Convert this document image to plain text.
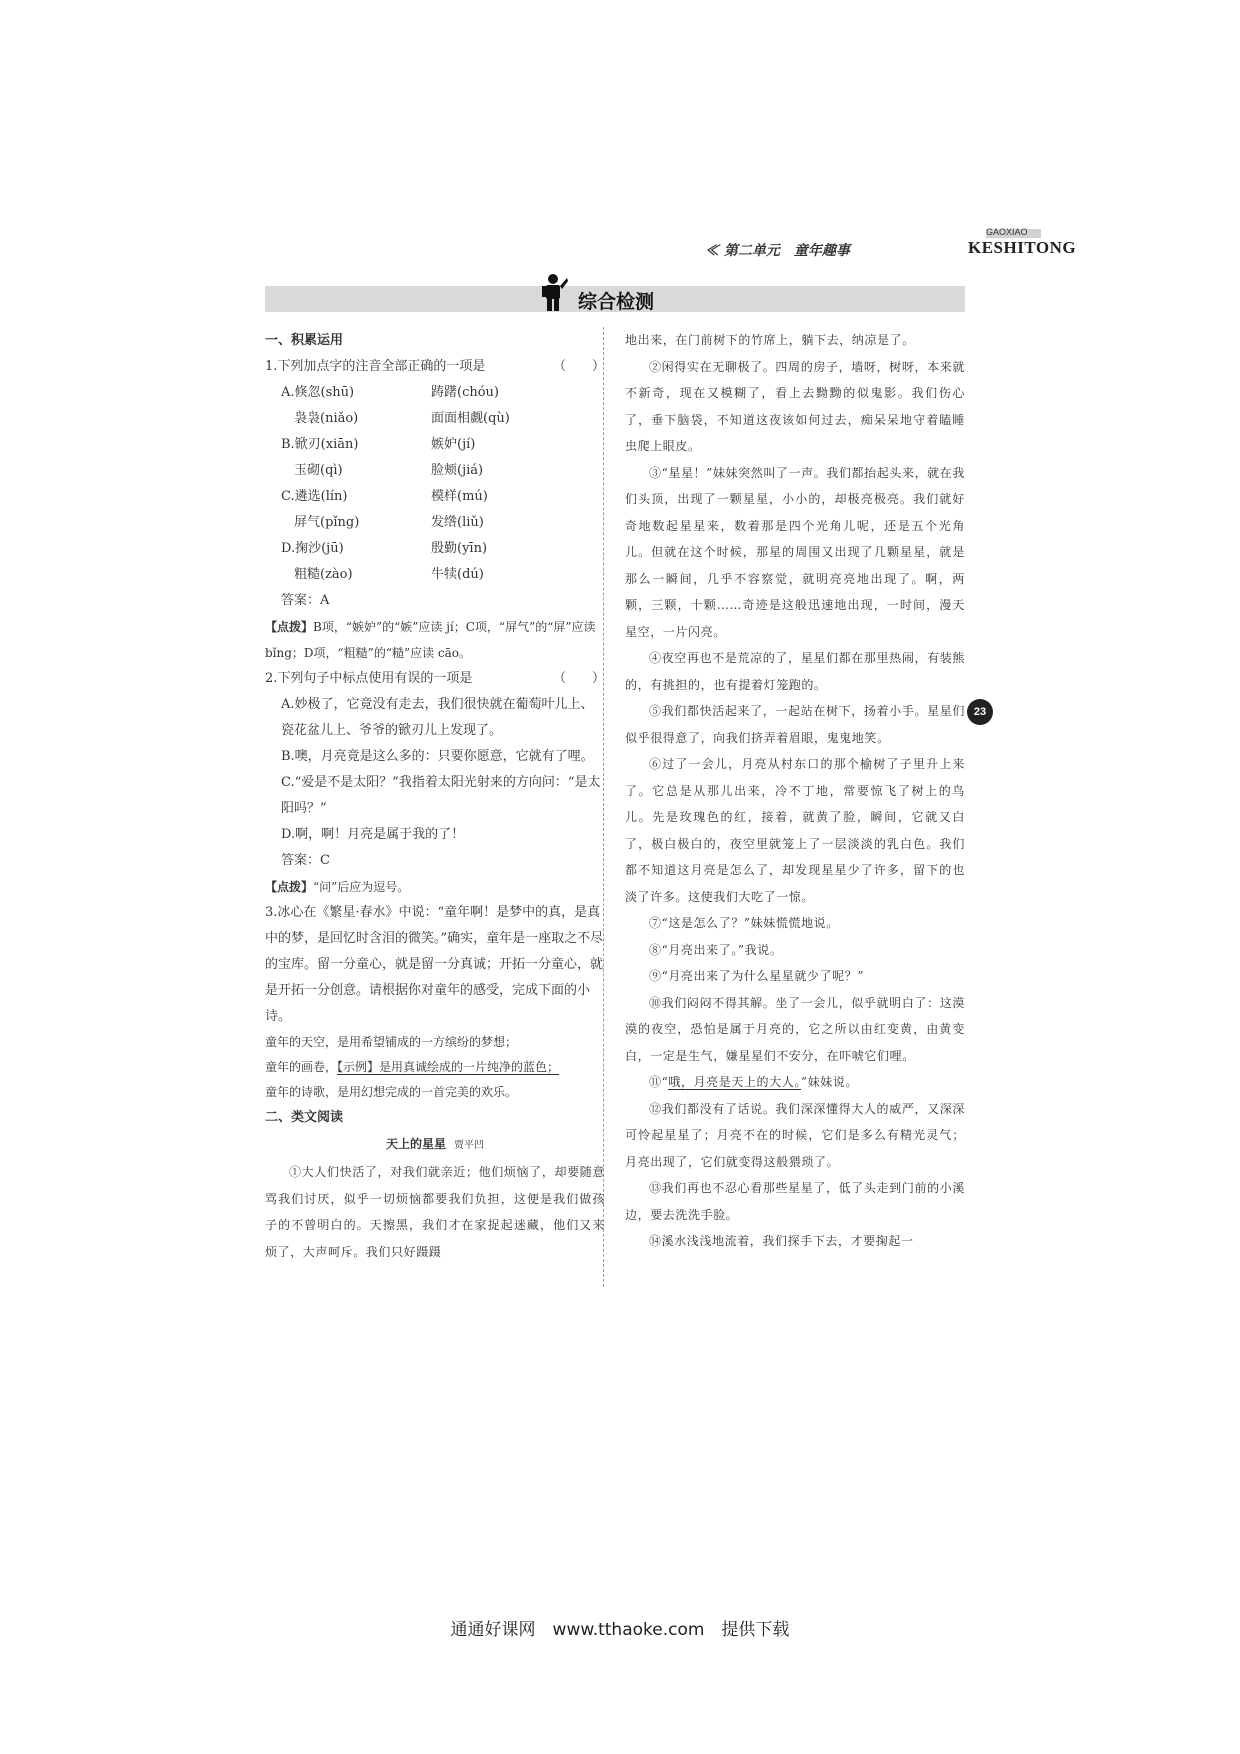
GAOXIAO
≪ 第二单元　童年趣事	KESHITONG
综合检测
23
一、积累运用
1.下列加点字的注音全部正确的一项是	（　　）
A.倏忽(shū)	踌躇(chóu)
　袅袅(niǎo)	面面相觑(qù)
B.锨刃(xiān)	嫉妒(jí)
　玉砌(qì)	脸颊(jiá)
C.遴选(lín)	模样(mú)
　屏气(pǐng)	发绺(liǔ)
D.掬沙(jū)	殷勤(yīn)
　粗糙(zào)	牛犊(dú)
答案：A
【点拨】B项，“嫉妒”的“嫉”应读 jí；C项，“屏气”的“屏”应读 bǐng；D项，“粗糙”的“糙”应读 cāo。
2.下列句子中标点使用有误的一项是	（　　）
A.妙极了，它竟没有走去，我们很快就在葡萄叶儿上、瓷花盆儿上、爷爷的锨刃儿上发现了。
B.噢，月亮竟是这么多的：只要你愿意，它就有了哩。
C.“爱是不是太阳？”我指着太阳光射来的方向问：“是太阳吗？”
D.啊，啊！月亮是属于我的了！
答案：C
【点拨】“问”后应为逗号。
3.冰心在《繁星·春水》中说：“童年啊！是梦中的真，是真中的梦，是回忆时含泪的微笑。”确实，童年是一座取之不尽的宝库。留一分童心，就是留一分真诚；开拓一分童心，就是开拓一分创意。请根据你对童年的感受，完成下面的小诗。
童年的天空，是用希望铺成的一方缤纷的梦想；
童年的画卷，【示例】是用真诚绘成的一片纯净的蓝色；
童年的诗歌，是用幻想完成的一首完美的欢乐。
二、类文阅读
天上的星星 贾平凹

①大人们快活了，对我们就亲近；他们烦恼了，却要随意骂我们讨厌，似乎一切烦恼都要我们负担，这便是我们做孩子的不曾明白的。天擦黑，我们才在家捉起迷藏，他们又来烦了，大声呵斥。我们只好蹑蹑

地出来，在门前树下的竹席上，躺下去，纳凉是了。

②闲得实在无聊极了。四周的房子，墙呀，树呀，本来就不新奇，现在又模糊了，看上去黝黝的似鬼影。我们伤心了，垂下脑袋，不知道这夜该如何过去，痴呆呆地守着瞌睡虫爬上眼皮。

③“星星！”妹妹突然叫了一声。我们都抬起头来，就在我们头顶，出现了一颗星星，小小的，却极亮极亮。我们就好奇地数起星星来，数着那是四个光角儿呢，还是五个光角儿。但就在这个时候，那星的周围又出现了几颗星星，就是那么一瞬间，几乎不容察觉，就明亮亮地出现了。啊，两颗，三颗，十颗……奇迹是这般迅速地出现，一时间，漫天星空，一片闪亮。

④夜空再也不是荒凉的了，星星们都在那里热闹，有装熊的，有挑担的，也有提着灯笼跑的。

⑤我们都快活起来了，一起站在树下，扬着小手。星星们似乎很得意了，向我们挤弄着眉眼，鬼鬼地笑。

⑥过了一会儿，月亮从村东口的那个榆树了子里升上来了。它总是从那儿出来，冷不丁地，常要惊飞了树上的鸟儿。先是玫瑰色的红，接着，就黄了脸，瞬间，它就又白了，极白极白的，夜空里就笼上了一层淡淡的乳白色。我们都不知道这月亮是怎么了，却发现星星少了许多，留下的也淡了许多。这使我们大吃了一惊。

⑦“这是怎么了？”妹妹慌慌地说。

⑧“月亮出来了。”我说。

⑨“月亮出来了为什么星星就少了呢？”

⑩我们闷闷不得其解。坐了一会儿，似乎就明白了：这漠漠的夜空，恐怕是属于月亮的，它之所以由红变黄，由黄变白，一定是生气，嫌星星们不安分，在吓唬它们哩。

⑪“哦，月亮是天上的大人。”妹妹说。

⑫我们都没有了话说。我们深深懂得大人的威严，又深深可怜起星星了；月亮不在的时候，它们是多么有精光灵气；月亮出现了，它们就变得这般猥琐了。

⑬我们再也不忍心看那些星星了，低了头走到门前的小溪边，要去洗洗手脸。

⑭溪水浅浅地流着，我们探手下去，才要掬起一

通通好课网　www.tthaoke.com　提供下载
